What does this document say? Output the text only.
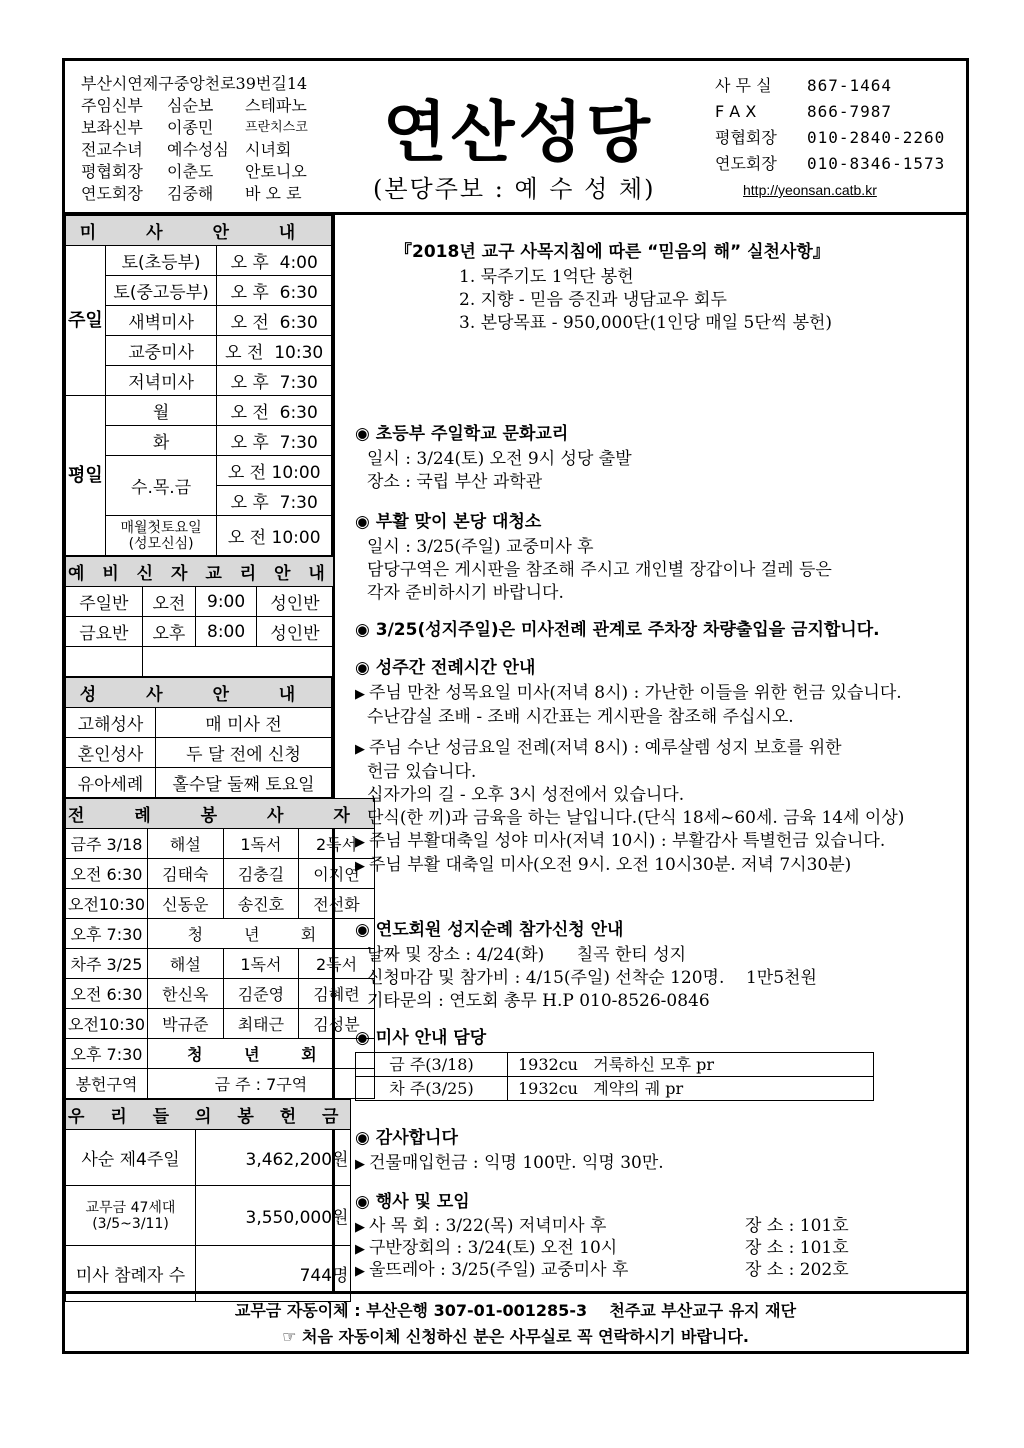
부산시연제구중앙천로39번길14
주임신부	심순보	스테파노
보좌신부	이종민	프란치스코
전교수녀	예수성심	시녀회
평협회장	이춘도	안토니오
연도회장	김중해	바 오 로
연산성당
(본당주보 : 예 수 성 체)
사 무 실	867-1464
F A X	866-7987
평협회장	010-2840-2260
연도회장	010-8346-1573
http://yeonsan.catb.kr
미 사 안 내		
주일	토(초등부)	오 후 4:00
	토(중고등부)	오 후 6:30
	새벽미사	오 전 6:30
	교중미사	오 전 10:30
	저녁미사	오 후 7:30
평일	월	오 전 6:30
	화	오 후 7:30
	수.목.금	오 전 10:00
		오 후 7:30

	매월첫토요일
(성모신심)	오 전 10:00

예 비 신 자 교 리 안 내			
주일반	오전	9:00	성인반
금요반	오후	8:00	성인반

성 사 안 내	
고해성사	매 미사 전
혼인성사	두 달 전에 신청
유아세례	홀수달 둘째 토요일
전 례 봉 사 자			
금주 3/18	해설	1독서	2독서
오전 6:30	김태숙	김충길	이지연
오전10:30	신동운	송진호	전선화
오후 7:30	청 년 회		
차주 3/25	해설	1독서	2독서
오전 6:30	한신옥	김준영	김혜련
오전10:30	박규준	최태근	김성분
오후 7:30	청 년 회		
봉헌구역	금 주 : 7구역		
우 리 들 의 봉 헌 금	
사순 제4주일	3,462,200원

교무금 47세대
(3/5~3/11)	3,550,000원
미사 참례자 수	744명
『2018년 교구 사목지침에 따른 “믿음의 해” 실천사항』
1. 묵주기도 1억단 봉헌
2. 지향 - 믿음 증진과 냉담교우 회두
3. 본당목표 - 950,000단(1인당 매일 5단씩 봉헌)
◉ 초등부 주일학교 문화교리
일시 : 3/24(토) 오전 9시 성당 출발
장소 : 국립 부산 과학관
◉ 부활 맞이 본당 대청소
일시 : 3/25(주일) 교중미사 후
담당구역은 게시판을 참조해 주시고 개인별 장갑이나 걸레 등은
각자 준비하시기 바랍니다.
◉ 3/25(성지주일)은 미사전례 관계로 주차장 차량출입을 금지합니다.
◉ 성주간 전례시간 안내
▶ 주님 만찬 성목요일 미사(저녁 8시) : 가난한 이들을 위한 헌금 있습니다.
수난감실 조배 - 조배 시간표는 게시판을 참조해 주십시오.
▶ 주님 수난 성금요일 전례(저녁 8시) : 예루살렘 성지 보호를 위한
헌금 있습니다.
십자가의 길 - 오후 3시 성전에서 있습니다.
단식(한 끼)과 금육을 하는 날입니다.(단식 18세~60세. 금육 14세 이상)
▶ 주님 부활대축일 성야 미사(저녁 10시) : 부활감사 특별헌금 있습니다.
▶ 주님 부활 대축일 미사(오전 9시. 오전 10시30분. 저녁 7시30분)
◉ 연도회원 성지순례 참가신청 안내
날짜 및 장소 : 4/24(화)      칠곡 한티 성지
신청마감 및 참가비 : 4/15(주일) 선착순 120명.    1만5천원
기타문의 : 연도회 총무 H.P 010-8526-0846
◉ 미사 안내 담당
금 주(3/18)	1932cu   거룩하신 모후 pr
차 주(3/25)	1932cu   계약의 궤 pr
◉ 감사합니다
▶ 건물매입헌금 : 익명 100만. 익명 30만.
◉ 행사 및 모임
▶ 사 목 회 : 3/22(목) 저녁미사 후	장 소 : 101호
▶ 구반장회의 : 3/24(토) 오전 10시	장 소 : 101호
▶ 울뜨레아 : 3/25(주일) 교중미사 후	장 소 : 202호
교무금 자동이체 : 부산은행 307-01-001285-3    천주교 부산교구 유지 재단
☞ 처음 자동이체 신청하신 분은 사무실로 꼭 연락하시기 바랍니다.
